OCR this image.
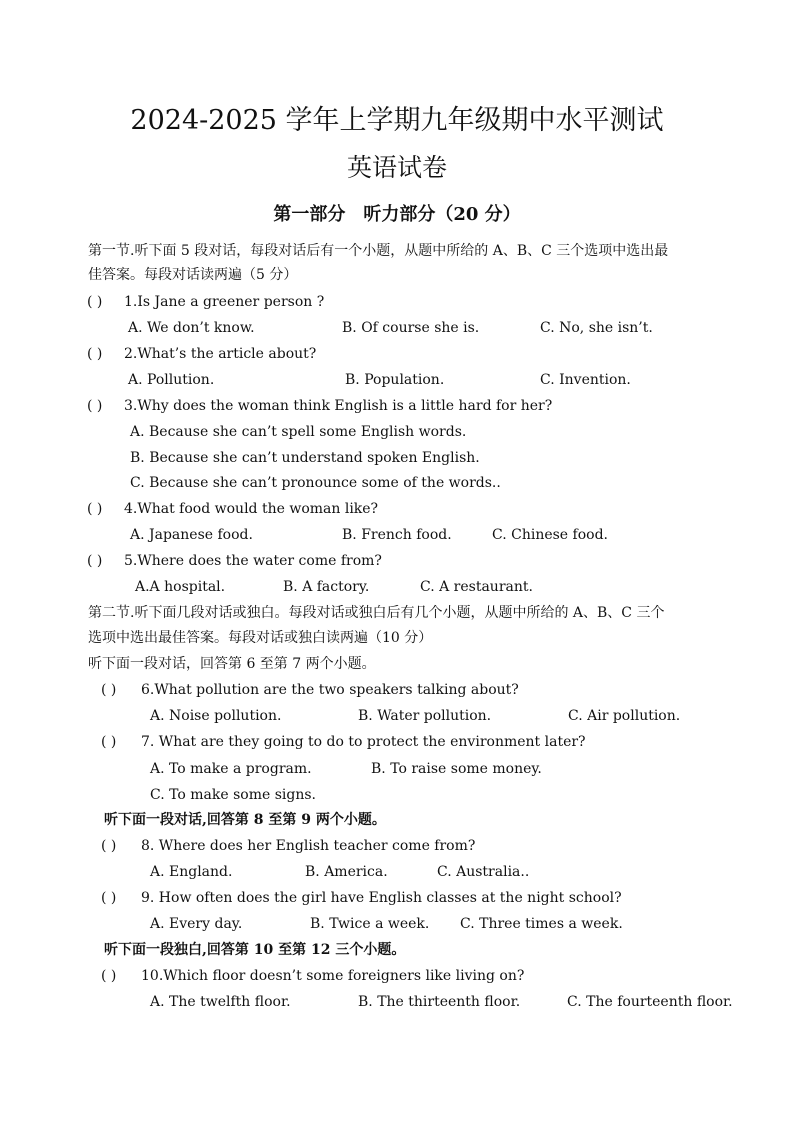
2024-2025 学年上学期九年级期中水平测试
英语试卷
第一部分　听力部分（20 分）
第一节.听下面 5 段对话，每段对话后有一个小题，从题中所给的 A、B、C 三个选项中选出最
佳答案。每段对话读两遍（5 分）
( ) 1.Is Jane a greener person ?
A. We don’t know.	B. Of course she is.	C. No, she isn’t.
( ) 2.What’s the article about?
A. Pollution.	B. Population.	C. Invention.
( ) 3.Why does the woman think English is a little hard for her?
A. Because she can’t spell some English words.
B. Because she can’t understand spoken English.
C. Because she can’t pronounce some of the words..
( ) 4.What food would the woman like?
A. Japanese food.	B. French food.	C. Chinese food.
( ) 5.Where does the water come from?
A.A hospital.	B. A factory.	C. A restaurant.
第二节.听下面几段对话或独白。每段对话或独白后有几个小题，从题中所给的 A、B、C 三个
选项中选出最佳答案。每段对话或独白读两遍（10 分）
听下面一段对话，回答第 6 至第 7 两个小题。
( ) 6.What pollution are the two speakers talking about?
A. Noise pollution.	B. Water pollution.	C. Air pollution.
( ) 7. What are they going to do to protect the environment later?
A. To make a program.	B. To raise some money.
C. To make some signs.
听下面一段对话,回答第 8 至第 9 两个小题。
( ) 8. Where does her English teacher come from?
A. England.	B. America.	C. Australia..
( ) 9. How often does the girl have English classes at the night school?
A. Every day.	B. Twice a week. C. Three times a week.
听下面一段独白,回答第 10 至第 12 三个小题。
( ) 10.Which floor doesn’t some foreigners like living on?
A. The twelfth floor.	B. The thirteenth floor.	C. The fourteenth floor.
